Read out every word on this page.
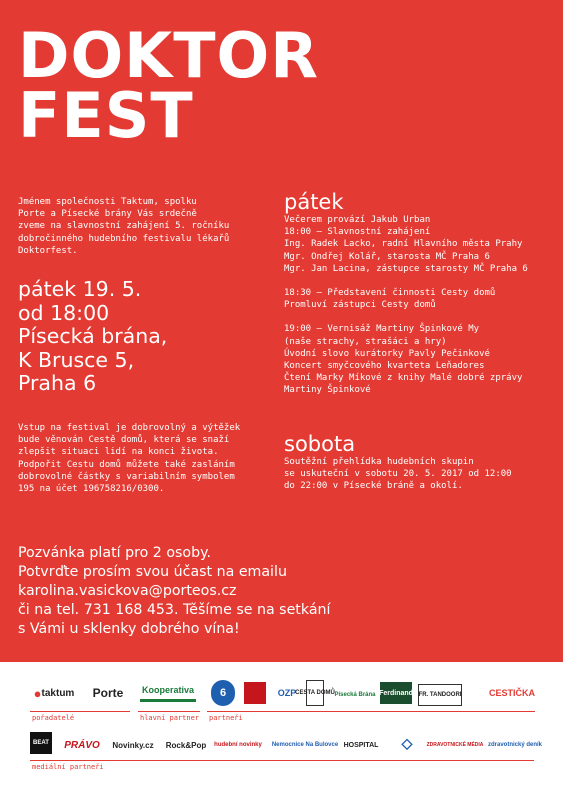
DOKTOR
FEST
Jménem společnosti Taktum, spolku
Porte a Písecké brány Vás srdečně
zveme na slavnostní zahájení 5. ročníku
dobročinného hudebního festivalu lékařů
Doktorfest.
pátek 19. 5.
od 18:00
Písecká brána,
K Brusce 5,
Praha 6
Vstup na festival je dobrovolný a výtěžek
bude věnován Cestě domů, která se snaží
zlepšit situaci lidí na konci života.
Podpořit Cestu domů můžete také zasláním
dobrovolné částky s variabilním symbolem
195 na účet 196758216/0300.
pátek
Večerem provází Jakub Urban
18:00 – Slavnostní zahájení
Ing. Radek Lacko, radní Hlavního města Prahy
Mgr. Ondřej Kolář, starosta MČ Praha 6
Mgr. Jan Lacina, zástupce starosty MČ Praha 6
18:30 – Představení činnosti Cesty domů
Promluví zástupci Cesty domů
19:00 – Vernisáž Martiny Špinkové My
(naše strachy, strašáci a hry)
Úvodní slovo kurátorky Pavly Pečinkové
Koncert smyčcového kvarteta Leňadores
Čtení Marky Míkové z knihy Malé dobré zprávy
Martiny Špinkové
sobota
Soutěžní přehlídka hudebních skupin
se uskuteční v sobotu 20. 5. 2017 od 12:00
do 22:00 v Písecké bráně a okolí.
Pozvánka platí pro 2 osoby.
Potvrďte prosím svou účast na emailu
karolina.vasickova@porteos.cz
či na tel. 731 168 453. Těšíme se na setkání
s Vámi u sklenky dobrého vína!
● taktum	Porte	Kooperativa	6	OZP
CESTA DOMŮ Písecká Brána Ferdinand FR. TANDOORI	CESTIČKA
pořadatelé	hlavní partner partneři
BEAT	PRÁVO Novinky.cz	Rock&Pop hudební novinky Nemocnice Na Bulovce HOSPITAL	◇	ZDRAVOTNICKÉ MÉDIA zdravotnický deník
mediální partneři
